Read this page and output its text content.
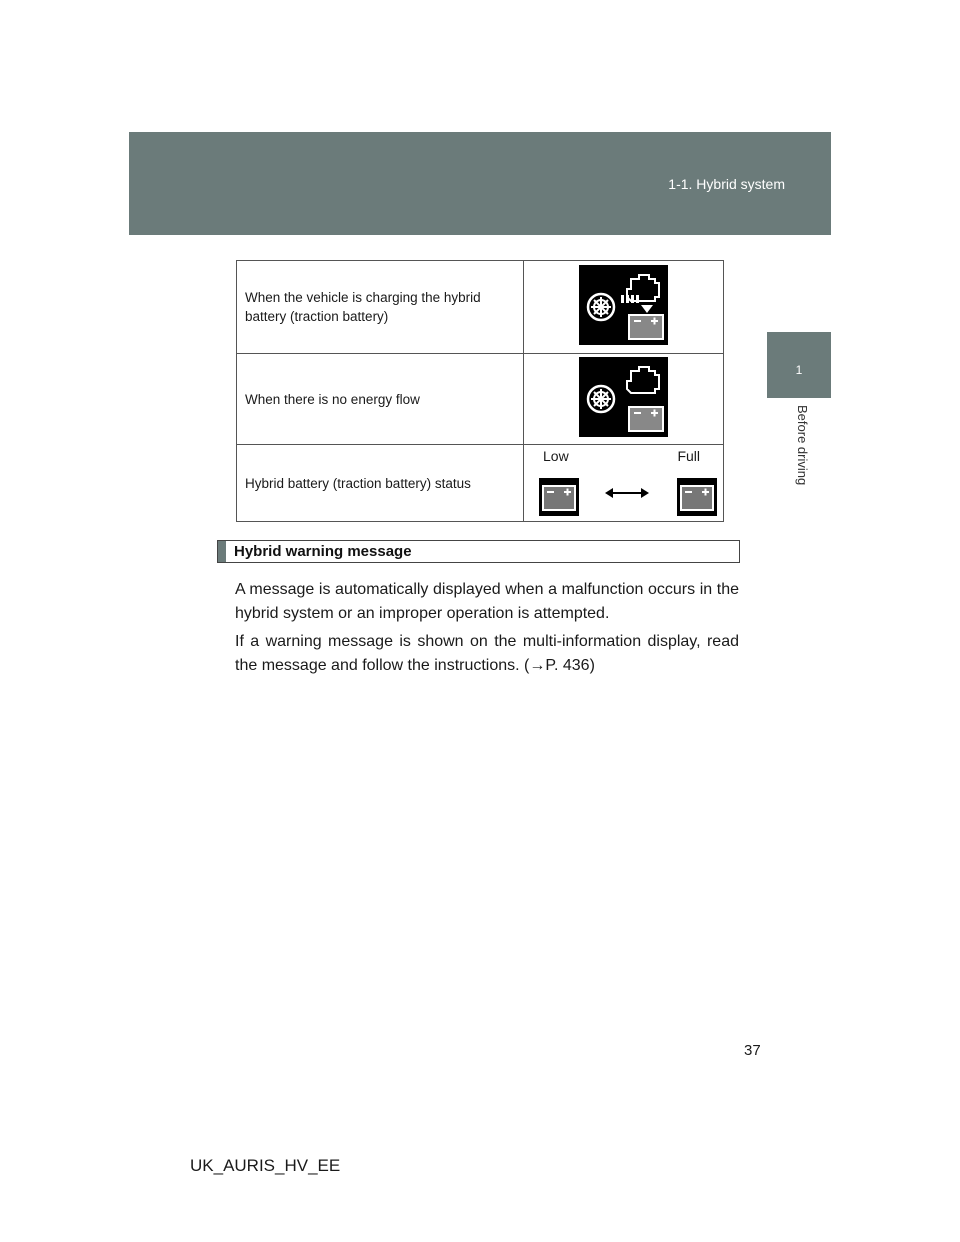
1-1. Hybrid system
1
Before driving
When the vehicle is charging the hybrid battery (traction battery)	
When there is no energy flow	
Hybrid battery (traction battery) status	Low Full
Hybrid warning message
A message is automatically displayed when a malfunction occurs in the hybrid system or an improper operation is attempted.
If a warning message is shown on the multi-information display, read the message and follow the instructions. (→P. 436)
37
UK_AURIS_HV_EE
